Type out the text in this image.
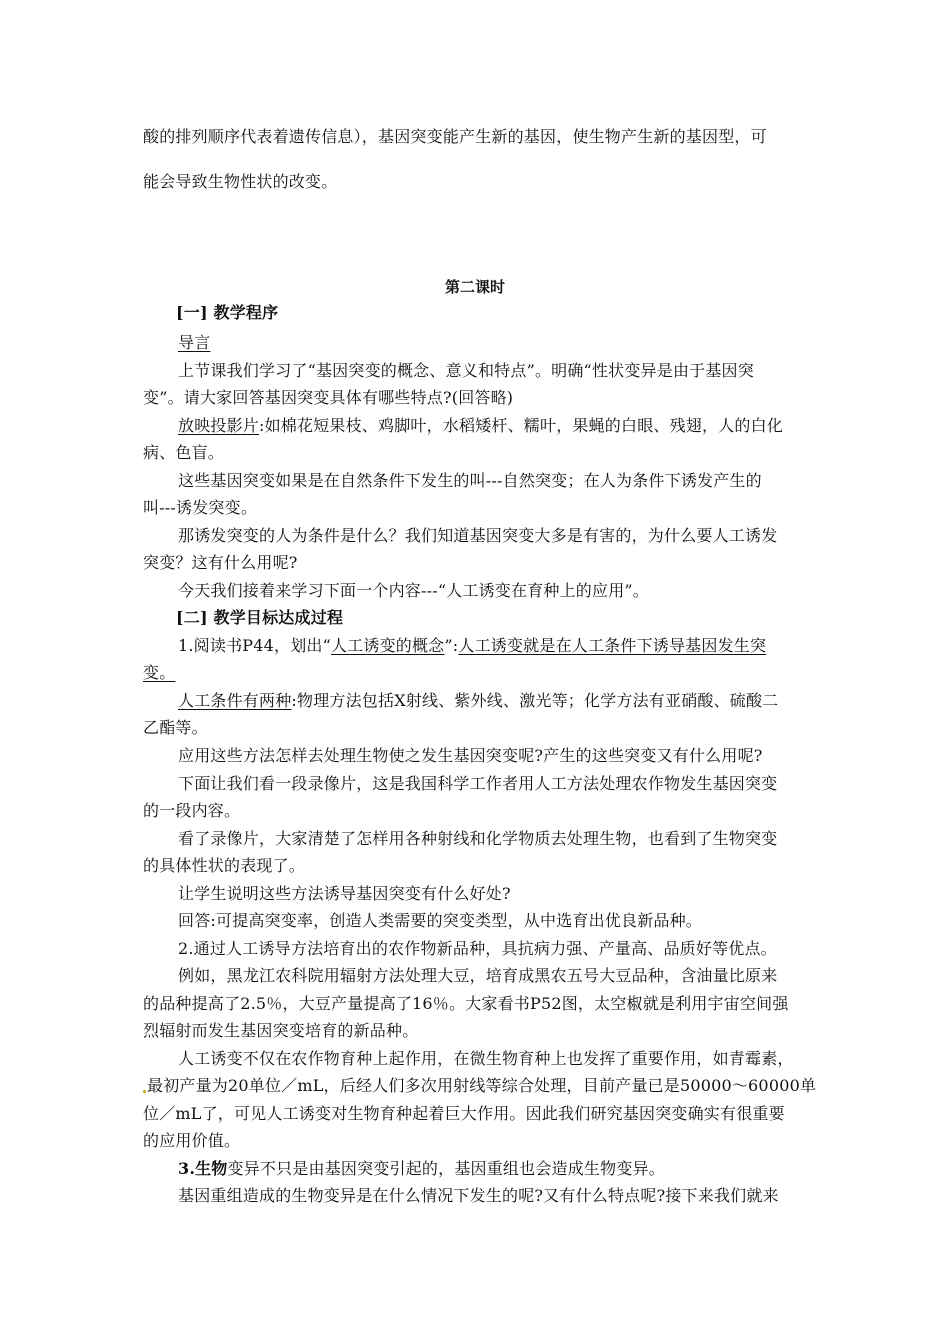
酸的排列顺序代表着遗传信息），基因突变能产生新的基因，使生物产生新的基因型，可
能会导致生物性状的改变。
第二课时
[一] 教学程序
导言
上节课我们学习了“基因突变的概念、意义和特点”。明确“性状变异是由于基因突
变”。请大家回答基因突变具体有哪些特点?(回答略)
放映投影片:如棉花短果枝、鸡脚叶，水稻矮杆、糯叶，果蝇的白眼、残翅，人的白化
病、色盲。
这些基因突变如果是在自然条件下发生的叫---自然突变；在人为条件下诱发产生的
叫---诱发突变。
那诱发突变的人为条件是什么？我们知道基因突变大多是有害的，为什么要人工诱发
突变？这有什么用呢?
今天我们接着来学习下面一个内容---“人工诱变在育种上的应用”。
[二] 教学目标达成过程
1.阅读书P44，划出“人工诱变的概念”:人工诱变就是在人工条件下诱导基因发生突
变。
人工条件有两种:物理方法包括X射线、紫外线、激光等；化学方法有亚硝酸、硫酸二
乙酯等。
应用这些方法怎样去处理生物使之发生基因突变呢?产生的这些突变又有什么用呢?
下面让我们看一段录像片，这是我国科学工作者用人工方法处理农作物发生基因突变
的一段内容。
看了录像片，大家清楚了怎样用各种射线和化学物质去处理生物，也看到了生物突变
的具体性状的表现了。
让学生说明这些方法诱导基因突变有什么好处?
回答:可提高突变率，创造人类需要的突变类型，从中选育出优良新品种。
2.通过人工诱导方法培育出的农作物新品种，具抗病力强、产量高、品质好等优点。
例如，黑龙江农科院用辐射方法处理大豆，培育成黑农五号大豆品种，含油量比原来
的品种提高了2.5％，大豆产量提高了16％。大家看书P52图，太空椒就是利用宇宙空间强
烈辐射而发生基因突变培育的新品种。
人工诱变不仅在农作物育种上起作用，在微生物育种上也发挥了重要作用，如青霉素，
最初产量为20单位／mL，后经人们多次用射线等综合处理，目前产量已是50000～60000单
位／mL了，可见人工诱变对生物育种起着巨大作用。因此我们研究基因突变确实有很重要
的应用价值。
3.生物变异不只是由基因突变引起的，基因重组也会造成生物变异。
基因重组造成的生物变异是在什么情况下发生的呢?又有什么特点呢?接下来我们就来
